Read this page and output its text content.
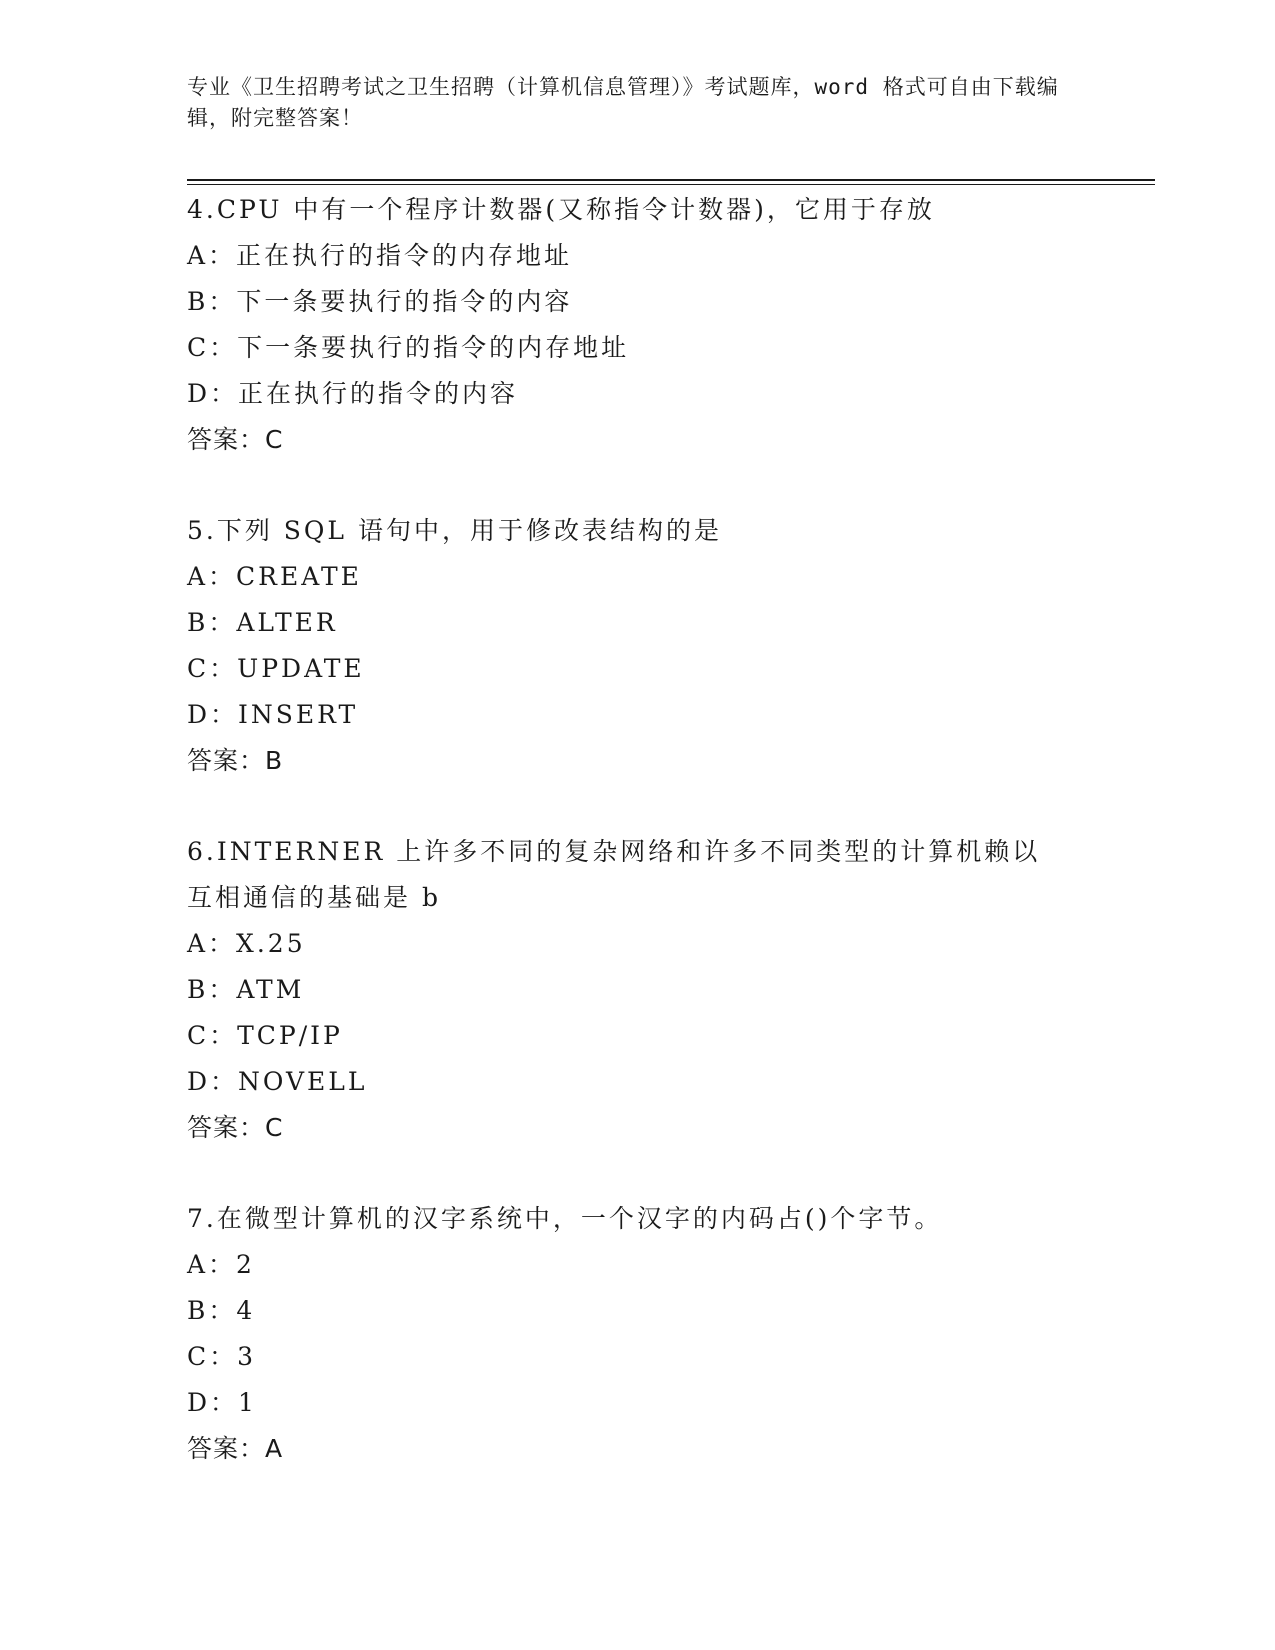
专业《卫生招聘考试之卫生招聘（计算机信息管理）》考试题库，word 格式可自由下载编辑，附完整答案！

4.CPU 中有一个程序计数器(又称指令计数器)，它用于存放

A：正在执行的指令的内存地址

B：下一条要执行的指令的内容

C：下一条要执行的指令的内存地址

D：正在执行的指令的内容

答案：C

5.下列 SQL 语句中，用于修改表结构的是

A：CREATE

B：ALTER

C：UPDATE

D：INSERT

答案：B

6.INTERNER 上许多不同的复杂网络和许多不同类型的计算机赖以互相通信的基础是 b

A：X.25

B：ATM

C：TCP/IP

D：NOVELL

答案：C

7.在微型计算机的汉字系统中，一个汉字的内码占()个字节。

A：2

B：4

C：3

D：1

答案：A
